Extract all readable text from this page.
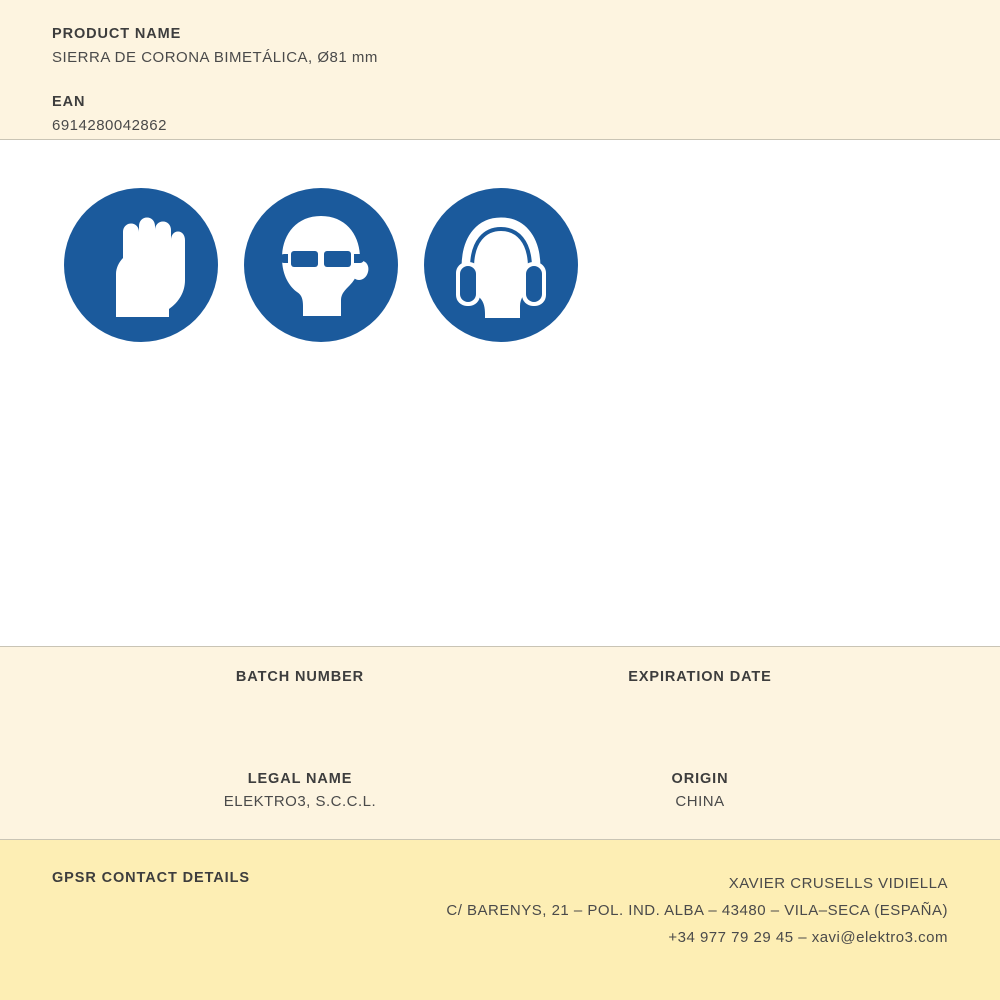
PRODUCT NAME

SIERRA DE CORONA BIMETÁLICA, Ø81 mm

EAN

6914280042862

BATCH NUMBER	EXPIRATION DATE

LEGAL NAME

ELEKTRO3, S.C.C.L.

ORIGIN

CHINA

GPSR CONTACT DETAILS	XAVIER CRUSELLS VIDIELLA
C/ BARENYS, 21 – POL. IND. ALBA – 43480 – VILA–SECA (ESPAÑA)
+34 977 79 29 45 – xavi@elektro3.com
